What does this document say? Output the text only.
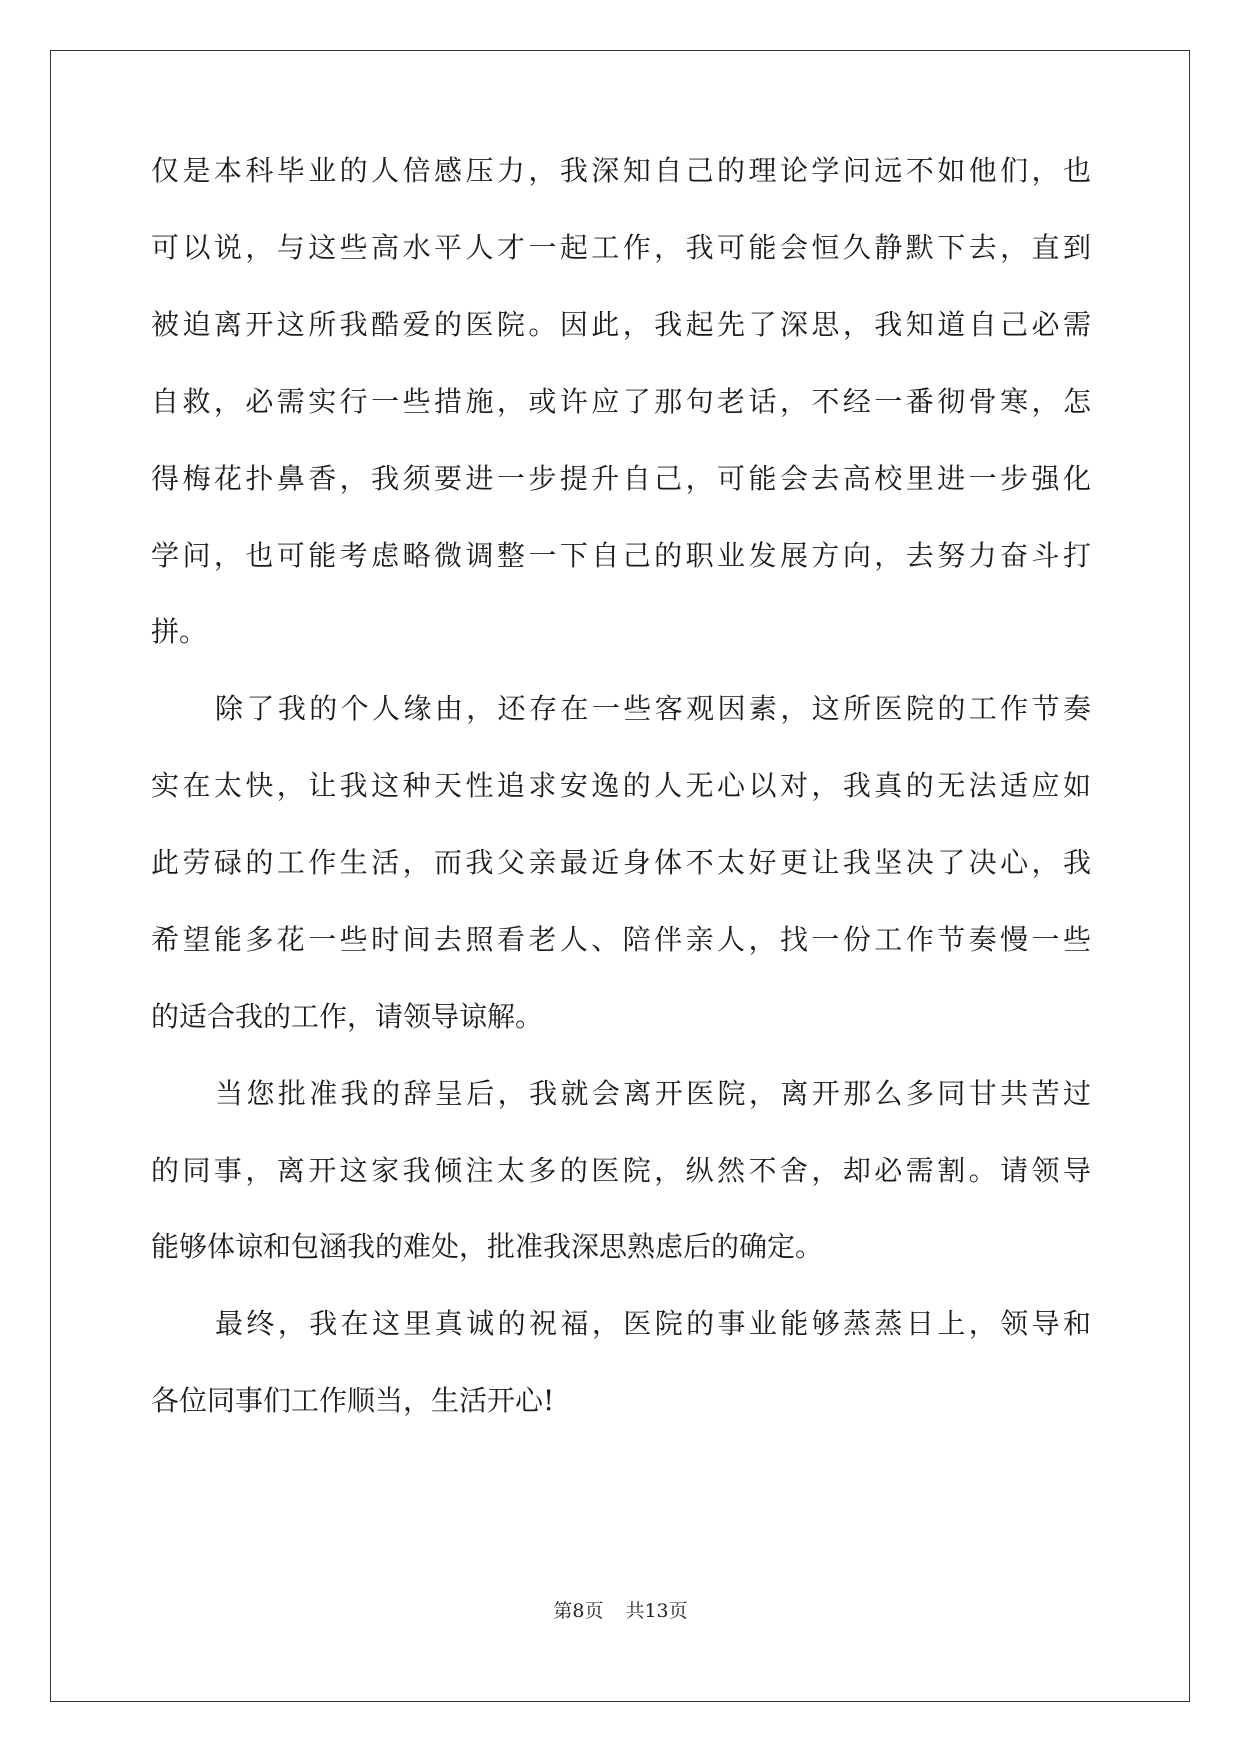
仅是本科毕业的人倍感压力，我深知自己的理论学问远不如他们，也
可以说，与这些高水平人才一起工作，我可能会恒久静默下去，直到
被迫离开这所我酷爱的医院。因此，我起先了深思，我知道自己必需
自救，必需实行一些措施，或许应了那句老话，不经一番彻骨寒，怎
得梅花扑鼻香，我须要进一步提升自己，可能会去高校里进一步强化
学问，也可能考虑略微调整一下自己的职业发展方向，去努力奋斗打
拼。
除了我的个人缘由，还存在一些客观因素，这所医院的工作节奏
实在太快，让我这种天性追求安逸的人无心以对，我真的无法适应如
此劳碌的工作生活，而我父亲最近身体不太好更让我坚决了决心，我
希望能多花一些时间去照看老人、陪伴亲人，找一份工作节奏慢一些
的适合我的工作，请领导谅解。
当您批准我的辞呈后，我就会离开医院，离开那么多同甘共苦过
的同事，离开这家我倾注太多的医院，纵然不舍，却必需割。请领导
能够体谅和包涵我的难处，批准我深思熟虑后的确定。
最终，我在这里真诚的祝福，医院的事业能够蒸蒸日上，领导和
各位同事们工作顺当，生活开心!
第8页 共13页
